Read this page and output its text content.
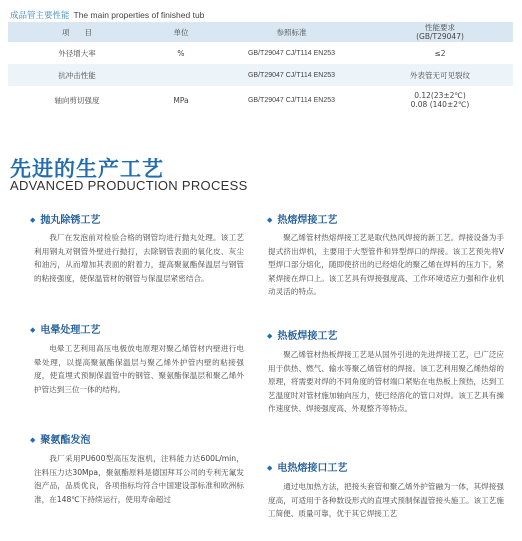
成品管主要性能 The main properties of finished tub
项　　目	单位	参照标准	性能要求
(GB/T29047)

外径增大率	%	GB/T29047 CJ/T114 EN253	≤2

抗冲击性能		GB/T29047 CJ/T114 EN253	外表管无可见裂纹

轴向剪切强度	MPa	GB/T29047 CJ/T114 EN253	0.12(23±2℃)
0.08 (140±2℃)
先进的生产工艺
ADVANCED PRODUCTION PROCESS
◆ 抛丸除锈工艺
我厂在发泡前对检验合格的钢管均进行抛丸处理。该工艺利用钢丸对钢管外壁进行抛打，去除钢管表面的氧化皮、灰尘和油污，从而增加其表面的附着力，提高聚氨酯保温层与钢管的粘接强度，使保温管材的钢管与保温层紧密结合。
◆ 电晕处理工艺
电晕工艺利用高压电极放电原理对聚乙烯管材内壁进行电晕处理，以提高聚氨酯保温层与聚乙烯外护管内壁的粘接强度，使直埋式预制保温管中的钢管、聚氨酯保温层和聚乙烯外护管达到三位一体的结构。
◆ 聚氨酯发泡
我厂采用PU600型高压发泡机，注料能力达600L/min，注料压力达30Mpa，聚氨酯原料是德国拜耳公司的专利无氟发泡产品，品质优良，各项指标均符合中国建设部标准和欧洲标准，在148℃下持续运行，使用寿命超过
◆ 热熔焊接工艺
聚乙烯管材热熔焊接工艺是取代热风焊接的新工艺。焊接设备为手提式挤出焊机，主要用于大型管件和异型焊口的焊接。该工艺预先将V型焊口部分熔化，随即使挤出的已经熔化的聚乙烯在焊料的压力下，紧紧焊接在焊口上。该工艺具有焊接强度高、工作环境适应力强和作业机动灵活的特点。
◆ 热板焊接工艺
聚乙烯管材热板焊接工艺是从国外引进的先进焊接工艺，已广泛应用于供热、燃气、输水等聚乙烯管材的焊接。该工艺利用聚乙烯热熔的原理，将需要对焊的不同角度的管材端口紧贴在电热板上预热，达到工艺温度时对管材施加轴向压力，使已经溶化的管口对焊。该工艺具有操作速度快、焊接强度高、外观整齐等特点。
◆ 电热熔接口工艺
通过电加热方法，把接头套管和聚乙烯外护管融为一体，其焊接强度高，可适用于各种数设形式的直埋式预制保温管接头施工。该工艺施工简便、质量可靠，优于其它焊接工艺
